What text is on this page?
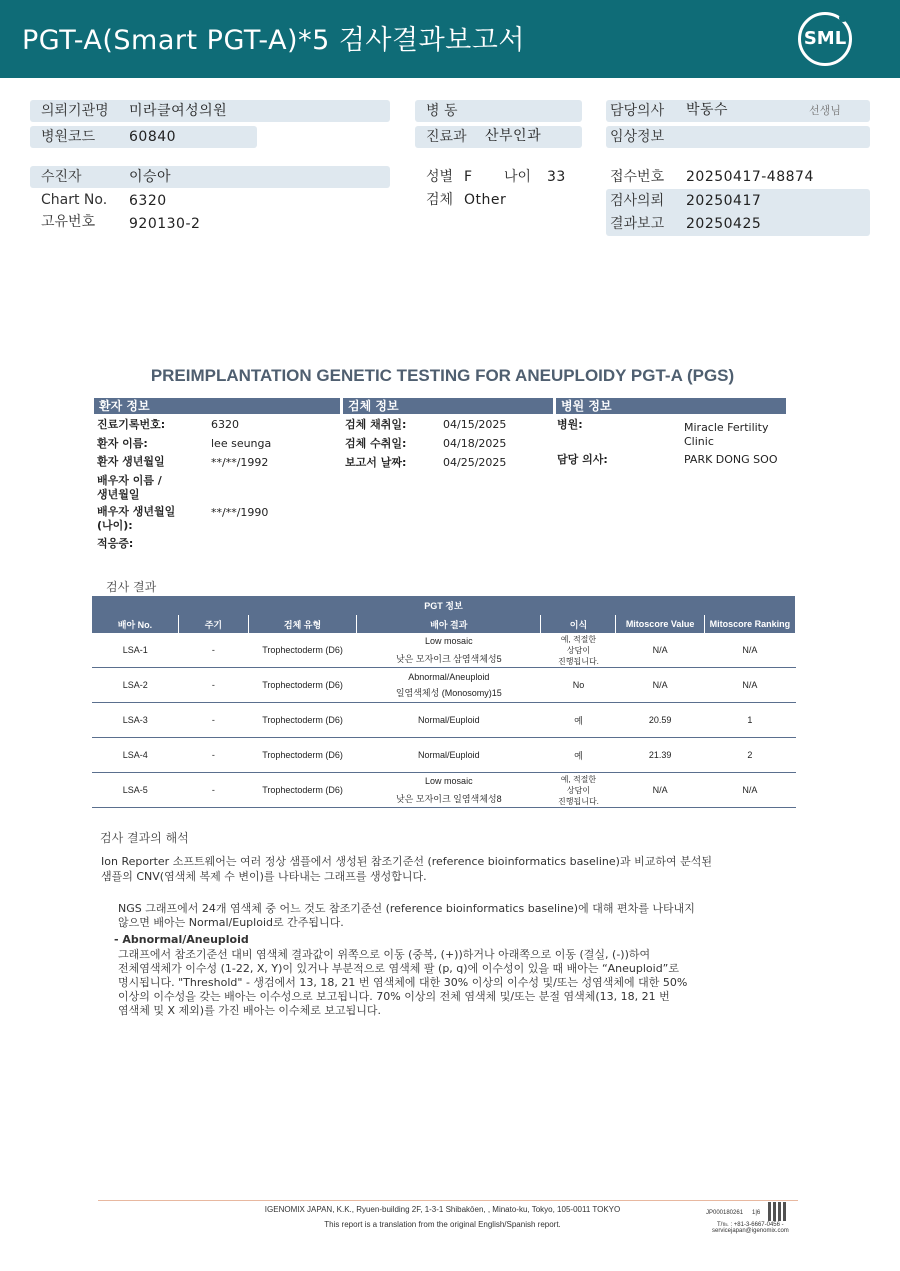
PGT-A(Smart PGT-A)*5 검사결과보고서	SML
의뢰기관명 미라클여성의원	병 동	담당의사 박동수	선생님
병원코드 60840	진료과 산부인과	임상정보
수진자	이승아
Chart No. 6320
고유번호 920130-2
성별 F 나이 33
검체 Other
접수번호 20250417-48874
검사의뢰 20250417
결과보고 20250425
PREIMPLANTATION GENETIC TESTING FOR ANEUPLOIDY PGT-A (PGS)
환자 정보	검체 정보	병원 정보
진료기록번호:	6320
환자 이름:	lee seunga
환자 생년월일	**/**/1992
배우자 이름 /
생년월일
배우자 생년월일
(나이):
**/**/1990
적응증:
검체 채취일:	04/15/2025
검체 수취일:	04/18/2025
보고서 날짜:	04/25/2025
병원:	Miracle Fertility
Clinic
담당 의사:	PARK DONG SOO
검사 결과
PGT 정보						
배아 No.	주기	검체 유형	배아 결과	이식	Mitoscore Value	Mitoscore Ranking
LSA-1	-	Trophectoderm (D6)	Low mosaic
낮은 모자이크 삼염색체성5	예, 적절한
상담이
진행됩니다.	N/A	N/A
LSA-2	-	Trophectoderm (D6)	Abnormal/Aneuploid
일염색체성 (Monosomy)15	No	N/A	N/A
LSA-3	-	Trophectoderm (D6)	Normal/Euploid	예	20.59	1
LSA-4	-	Trophectoderm (D6)	Normal/Euploid	예	21.39	2
LSA-5	-	Trophectoderm (D6)	Low mosaic
낮은 모자이크 일염색체성8	예, 적절한
상담이
진행됩니다.	N/A	N/A
검사 결과의 해석
Ion Reporter 소프트웨어는 여러 정상 샘플에서 생성된 참조기준선 (reference bioinformatics baseline)과 비교하여 분석된
샘플의 CNV(염색체 복제 수 변이)를 나타내는 그래프를 생성합니다.
NGS 그래프에서 24개 염색체 중 어느 것도 참조기준선 (reference bioinformatics baseline)에 대해 편차를 나타내지
않으면 배아는 Normal/Euploid로 간주됩니다.
- Abnormal/Aneuploid
그래프에서 참조기준선 대비 염색체 결과값이 위쪽으로 이동 (중복, (+))하거나 아래쪽으로 이동 (결실, (-))하여
전체염색체가 이수성 (1-22, X, Y)이 있거나 부분적으로 염색체 팔 (p, q)에 이수성이 있을 때 배아는 “Aneuploid”로
명시됩니다. "Threshold" - 생검에서 13, 18, 21 번 염색체에 대한 30% 이상의 이수성 및/또는 성염색체에 대한 50%
이상의 이수성을 갖는 배아는 이수성으로 보고됩니다. 70% 이상의 전체 염색체 및/또는 분절 염색체(13, 18, 21 번
염색체 및 X 제외)를 가진 배아는 이수체로 보고됩니다.
IGENOMIX JAPAN, K.K., Ryuen-building 2F, 1-3-1 Shibakōen, , Minato-ku, Tokyo, 105-0011 TOKYO
This report is a translation from the original English/Spanish report.
JP000180261 1|6
T/℡ : +81-3-6667-0456 -
servicejapan@igenomix.com
